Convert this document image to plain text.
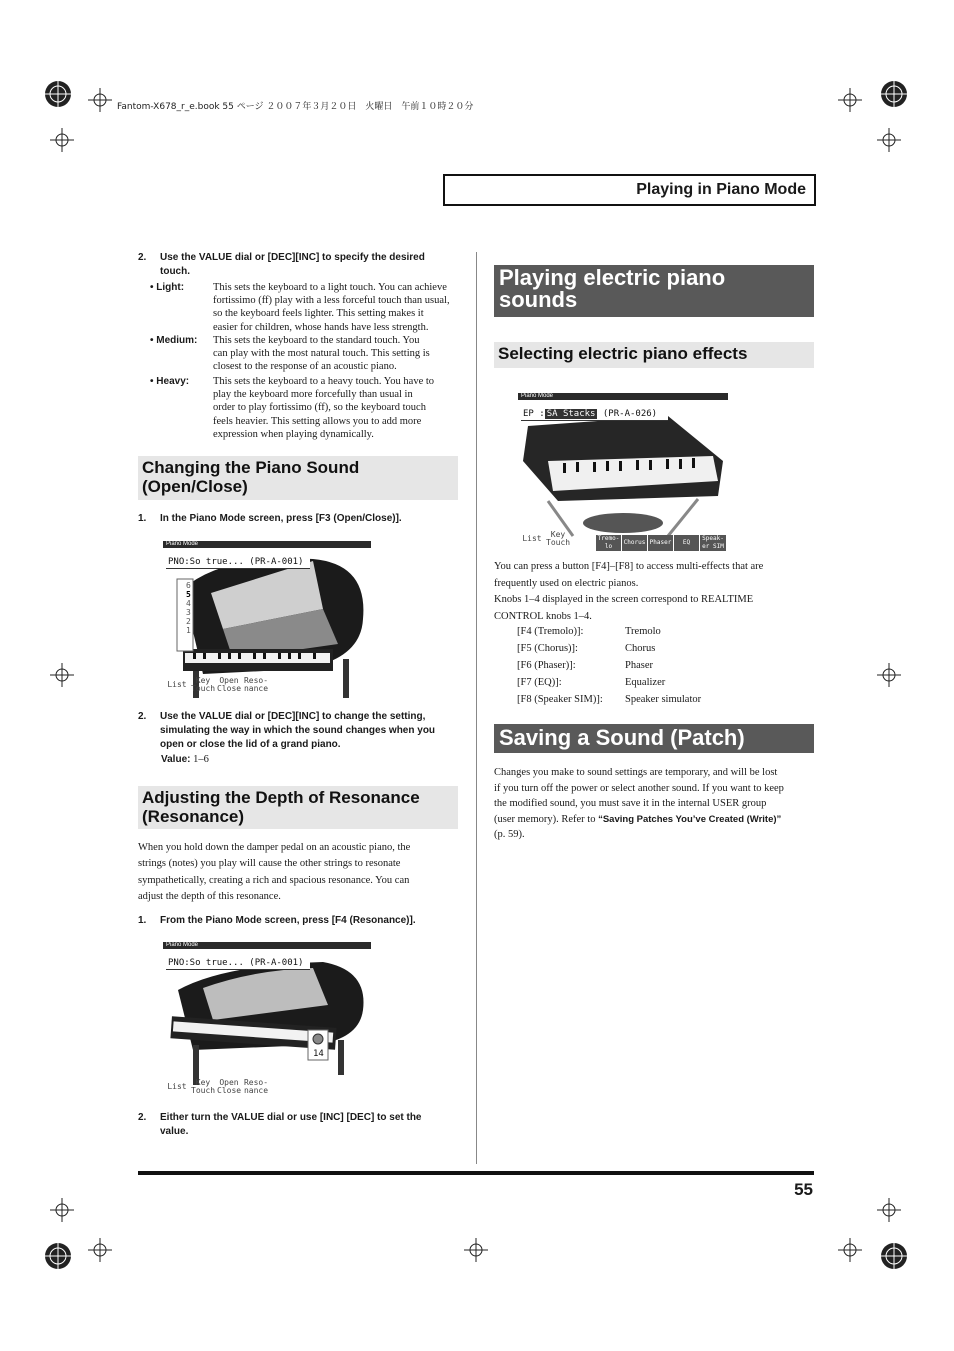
Fantom-X678_r_e.book 55 ページ ２００７年３月２０日　火曜日　午前１０時２０分
Playing in Piano Mode
2. Use the VALUE dial or [DEC][INC] to specify the desired
touch.
• Light:	This sets the keyboard to a light touch. You can achieve
fortissimo (ff) play with a less forceful touch than usual,
so the keyboard feels lighter. This setting makes it
easier for children, whose hands have less strength.
• Medium: This sets the keyboard to the standard touch. You
can play with the most natural touch. This setting is
closest to the response of an acoustic piano.
• Heavy: This sets the keyboard to a heavy touch. You have to
play the keyboard more forcefully than usual in
order to play fortissimo (ff), so the keyboard touch
feels heavier. This setting allows you to add more
expression when playing dynamically.
Changing the Piano Sound
(Open/Close)
1. In the Piano Mode screen, press [F3 (Open/Close)].
Piano Mode
PNO:So true... (PR-A-001)
6
5
4
3
2
1
List	Key Touch
Open Close
Reso- nance
2. Use the VALUE dial or [DEC][INC] to change the setting,
simulating the way in which the sound changes when you
open or close the lid of a grand piano.
Value: 1–6
Adjusting the Depth of Resonance
(Resonance)
When you hold down the damper pedal on an acoustic piano, the
strings (notes) you play will cause the other strings to resonate
sympathetically, creating a rich and spacious resonance. You can
adjust the depth of this resonance.
1. From the Piano Mode screen, press [F4 (Resonance)].
Piano Mode
PNO:So true... (PR-A-001)
14
List	Key Touch
Open Close
Reso- nance
2. Either turn the VALUE dial or use [INC] [DEC] to set the
value.
Playing electric piano
sounds
Selecting electric piano effects
Piano Mode
EP : SA Stacks (PR-A-026)
List	Key Touch	Tremo- lo
Chorus Phaser	EQ
Speak- er SIM
You can press a button [F4]–[F8] to access multi-effects that are
frequently used on electric pianos.
Knobs 1–4 displayed in the screen correspond to REALTIME
CONTROL knobs 1–4.
[F4 (Tremolo)]:	Tremolo
[F5 (Chorus)]:	Chorus
[F6 (Phaser)]:	Phaser
[F7 (EQ)]:	Equalizer
[F8 (Speaker SIM)]: Speaker simulator
Saving a Sound (Patch)
Changes you make to sound settings are temporary, and will be lost
if you turn off the power or select another sound. If you want to keep
the modified sound, you must save it in the internal USER group
(user memory). Refer to “Saving Patches You’ve Created (Write)”
(p. 59).
55
